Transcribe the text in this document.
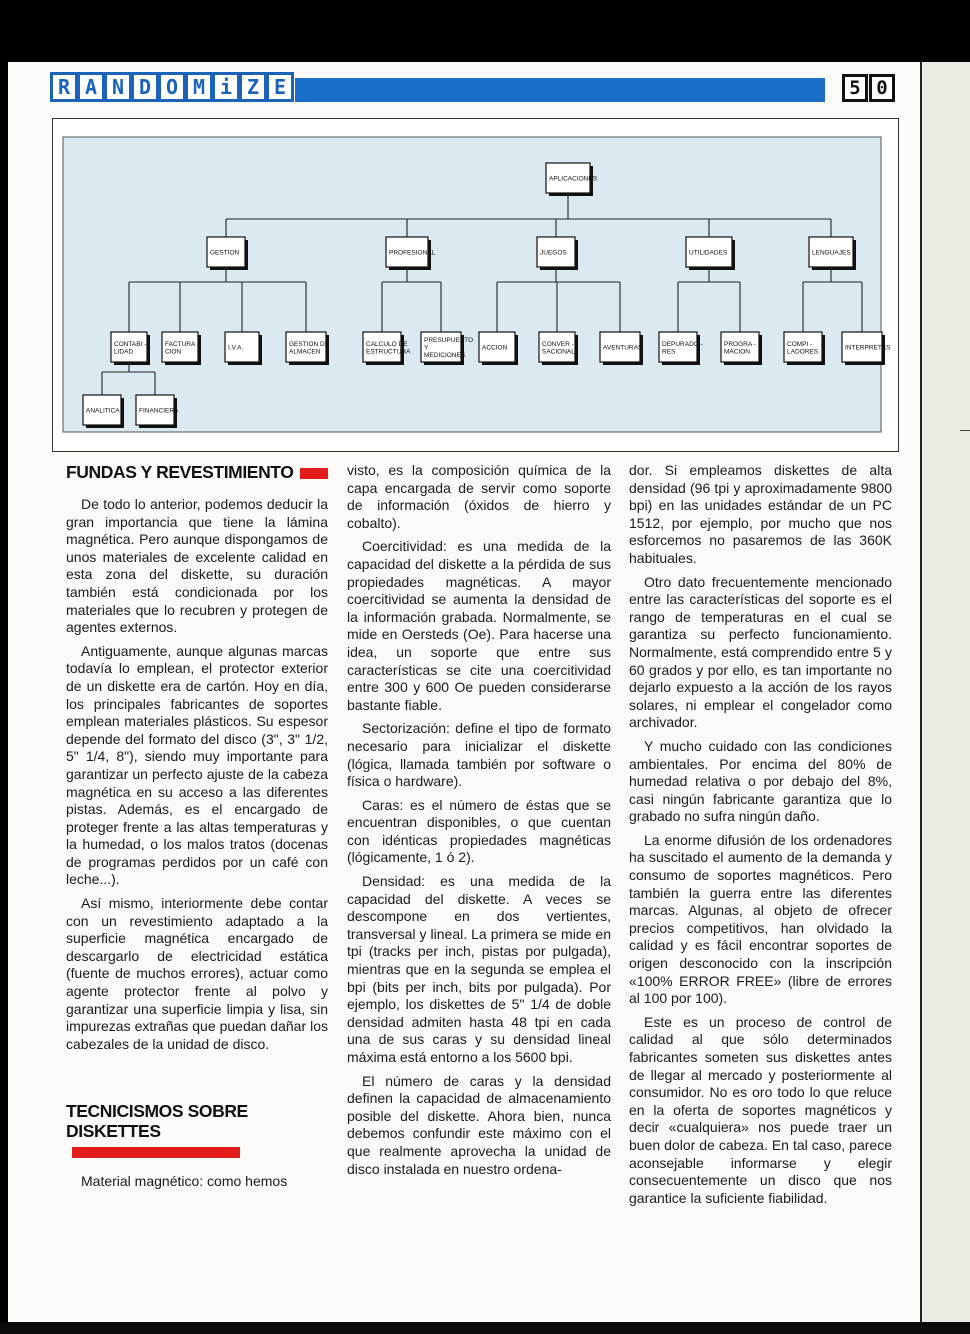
R A N D O M i Z E	5 0
APLICACIONES
GESTION
CONTABI -LIDAD
ANALITICA	FINANCIERA
FACTURA -CION
I.V.A.
GESTION DE ALMACEN
PROFESIONAL
CALCULO DE ESTRUCTURA
PRESUPUESTO Y MEDICIONES
JUEGOS
ACCION
CONVER -SACIONAL
AVENTURAS
UTILIDADES
DEPURADO -RES
PROGRA -MACION
LENGUAJES
COMPI -LADORES
INTERPRETES
FUNDAS Y REVESTIMIENTO

De todo lo anterior, podemos deducir la gran importancia que tiene la lámina magnética. Pero aunque dispongamos de unos materiales de excelente calidad en esta zona del diskette, su duración también está condicionada por los materiales que lo recubren y protegen de agentes externos.

Antiguamente, aunque algunas marcas todavía lo emplean, el protector exterior de un diskette era de cartón. Hoy en día, los principales fabricantes de soportes emplean materiales plásticos. Su espesor depende del formato del disco (3", 3" 1/2, 5" 1/4, 8"), siendo muy importante para garantizar un perfecto ajuste de la cabeza magnética en su acceso a las diferentes pistas. Además, es el encargado de proteger frente a las altas temperaturas y la humedad, o los malos tratos (docenas de programas perdidos por un café con leche...).

Así mismo, interiormente debe contar con un revestimiento adaptado a la superficie magnética encargado de descargarlo de electricidad estática (fuente de muchos errores), actuar como agente protector frente al polvo y garantizar una superficie limpia y lisa, sin impurezas extrañas que puedan dañar los cabezales de la unidad de disco.

TECNICISMOS SOBRE
DISKETTES

Material magnético: como hemos

visto, es la composición química de la capa encargada de servir como soporte de información (óxidos de hierro y cobalto).

Coercitividad: es una medida de la capacidad del diskette a la pérdida de sus propiedades magnéticas. A mayor coercitividad se aumenta la densidad de la información grabada. Normalmente, se mide en Oersteds (Oe). Para hacerse una idea, un soporte que entre sus características se cite una coercitividad entre 300 y 600 Oe pueden considerarse bastante fiable.

Sectorización: define el tipo de formato necesario para inicializar el diskette (lógica, llamada también por software o física o hardware).

Caras: es el número de éstas que se encuentran disponibles, o que cuentan con idénticas propiedades magnéticas (lógicamente, 1 ó 2).

Densidad: es una medida de la capacidad del diskette. A veces se descompone en dos vertientes, transversal y lineal. La primera se mide en tpi (tracks per inch, pistas por pulgada), mientras que en la segunda se emplea el bpi (bits per inch, bits por pulgada). Por ejemplo, los diskettes de 5" 1/4 de doble densidad admiten hasta 48 tpi en cada una de sus caras y su densidad lineal máxima está entorno a los 5600 bpi.

El número de caras y la densidad definen la capacidad de almacenamiento posible del diskette. Ahora bien, nunca debemos confundir este máximo con el que realmente aprovecha la unidad de disco instalada en nuestro ordena-

dor. Si empleamos diskettes de alta densidad (96 tpi y aproximadamente 9800 bpi) en las unidades estándar de un PC 1512, por ejemplo, por mucho que nos esforcemos no pasaremos de las 360K habituales.

Otro dato frecuentemente mencionado entre las características del soporte es el rango de temperaturas en el cual se garantiza su perfecto funcionamiento. Normalmente, está comprendido entre 5 y 60 grados y por ello, es tan importante no dejarlo expuesto a la acción de los rayos solares, ni emplear el congelador como archivador.

Y mucho cuidado con las condiciones ambientales. Por encima del 80% de humedad relativa o por debajo del 8%, casi ningún fabricante garantiza que lo grabado no sufra ningún daño.

La enorme difusión de los ordenadores ha suscitado el aumento de la demanda y consumo de soportes magnéticos. Pero también la guerra entre las diferentes marcas. Algunas, al objeto de ofrecer precios competitivos, han olvidado la calidad y es fácil encontrar soportes de origen desconocido con la inscripción «100% ERROR FREE» (libre de errores al 100 por 100).

Este es un proceso de control de calidad al que sólo determinados fabricantes someten sus diskettes antes de llegar al mercado y posteriormente al consumidor. No es oro todo lo que reluce en la oferta de soportes magnéticos y decir «cualquiera» nos puede traer un buen dolor de cabeza. En tal caso, parece aconsejable informarse y elegir consecuentemente un disco que nos garantice la suficiente fiabilidad.
